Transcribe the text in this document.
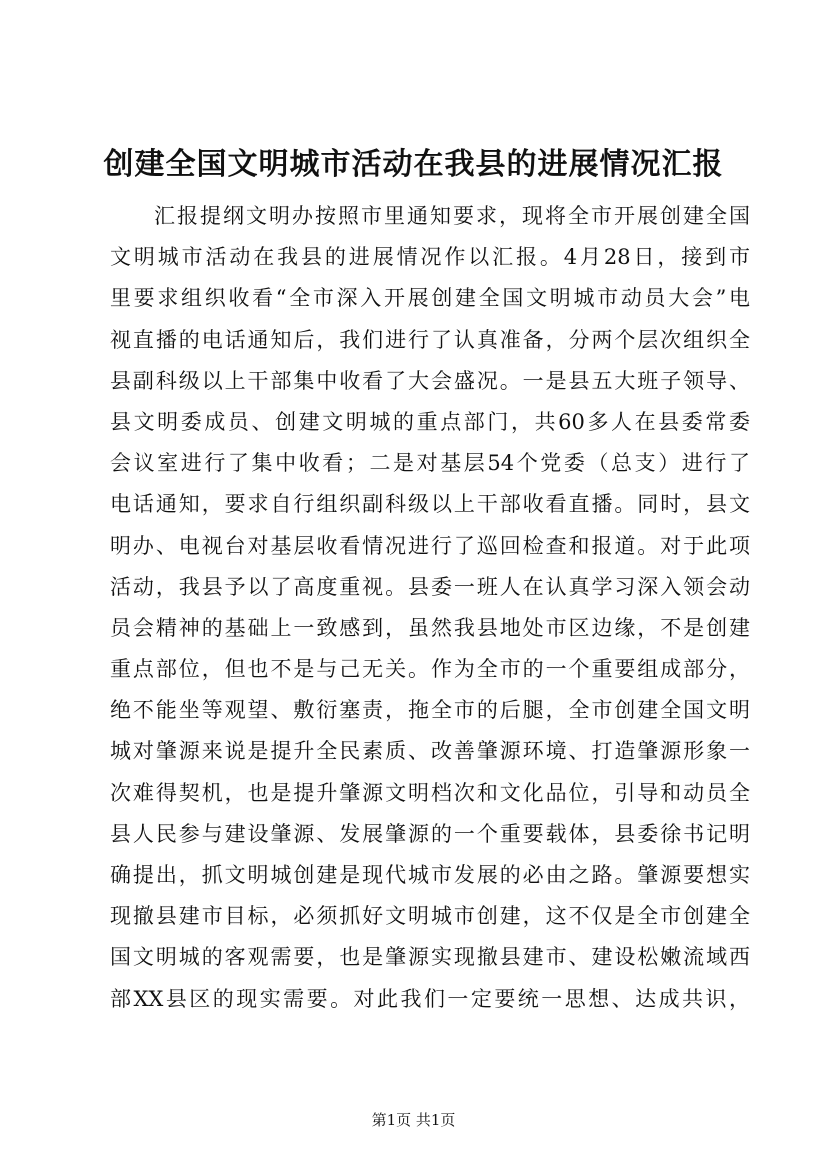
创建全国文明城市活动在我县的进展情况汇报
汇报提纲文明办按照市里通知要求，现将全市开展创建全国
文明城市活动在我县的进展情况作以汇报。4月28日，接到市
里要求组织收看“全市深入开展创建全国文明城市动员大会”电
视直播的电话通知后，我们进行了认真准备，分两个层次组织全
县副科级以上干部集中收看了大会盛况。一是县五大班子领导、
县文明委成员、创建文明城的重点部门，共60多人在县委常委
会议室进行了集中收看；二是对基层54个党委（总支）进行了
电话通知，要求自行组织副科级以上干部收看直播。同时，县文
明办、电视台对基层收看情况进行了巡回检查和报道。对于此项
活动，我县予以了高度重视。县委一班人在认真学习深入领会动
员会精神的基础上一致感到，虽然我县地处市区边缘，不是创建
重点部位，但也不是与己无关。作为全市的一个重要组成部分，
绝不能坐等观望、敷衍塞责，拖全市的后腿，全市创建全国文明
城对肇源来说是提升全民素质、改善肇源环境、打造肇源形象一
次难得契机，也是提升肇源文明档次和文化品位，引导和动员全
县人民参与建设肇源、发展肇源的一个重要载体，县委徐书记明
确提出，抓文明城创建是现代城市发展的必由之路。肇源要想实
现撤县建市目标，必须抓好文明城市创建，这不仅是全市创建全
国文明城的客观需要，也是肇源实现撤县建市、建设松嫩流域西
部XX县区的现实需要。对此我们一定要统一思想、达成共识，
第1页 共1页
